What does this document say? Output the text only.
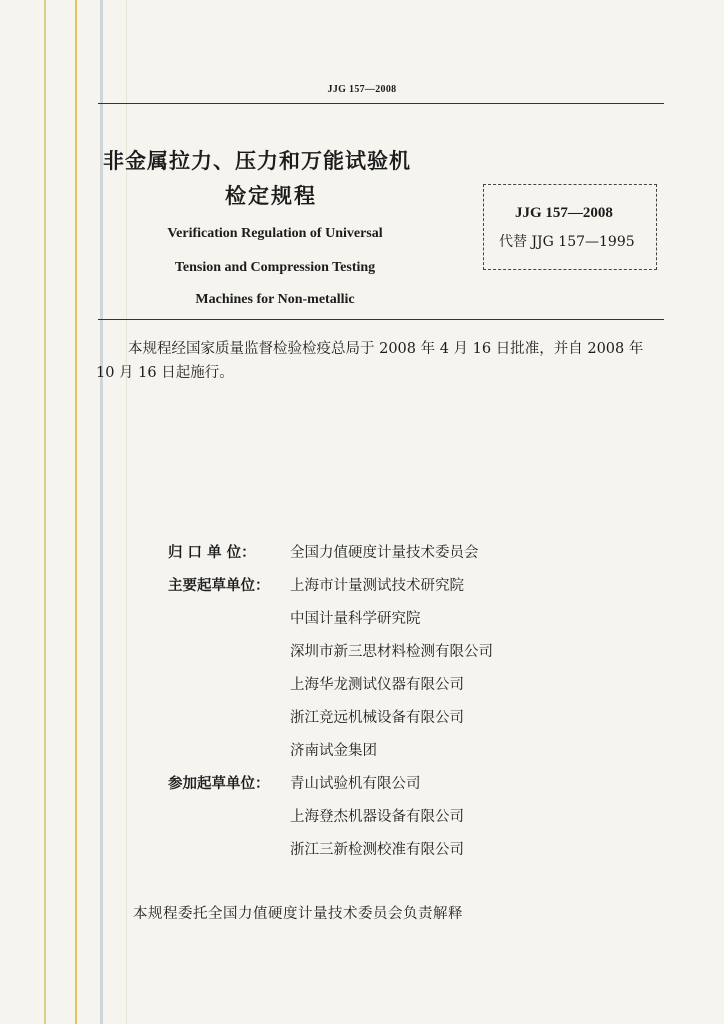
JJG 157—2008
非金属拉力、压力和万能试验机
检定规程
Verification Regulation of Universal
Tension and Compression Testing
Machines for Non-metallic
JJG 157—2008
代替 JJG 157—1995
本规程经国家质量监督检验检疫总局于 2008 年 4 月 16 日批准，并自 2008 年 10 月 16 日起施行。
归 口 单 位：	全国力值硬度计量技术委员会
主要起草单位：	上海市计量测试技术研究院
中国计量科学研究院
深圳市新三思材料检测有限公司
上海华龙测试仪器有限公司
浙江竞远机械设备有限公司
济南试金集团
参加起草单位：	青山试验机有限公司
上海登杰机器设备有限公司
浙江三新检测校准有限公司
本规程委托全国力值硬度计量技术委员会负责解释
